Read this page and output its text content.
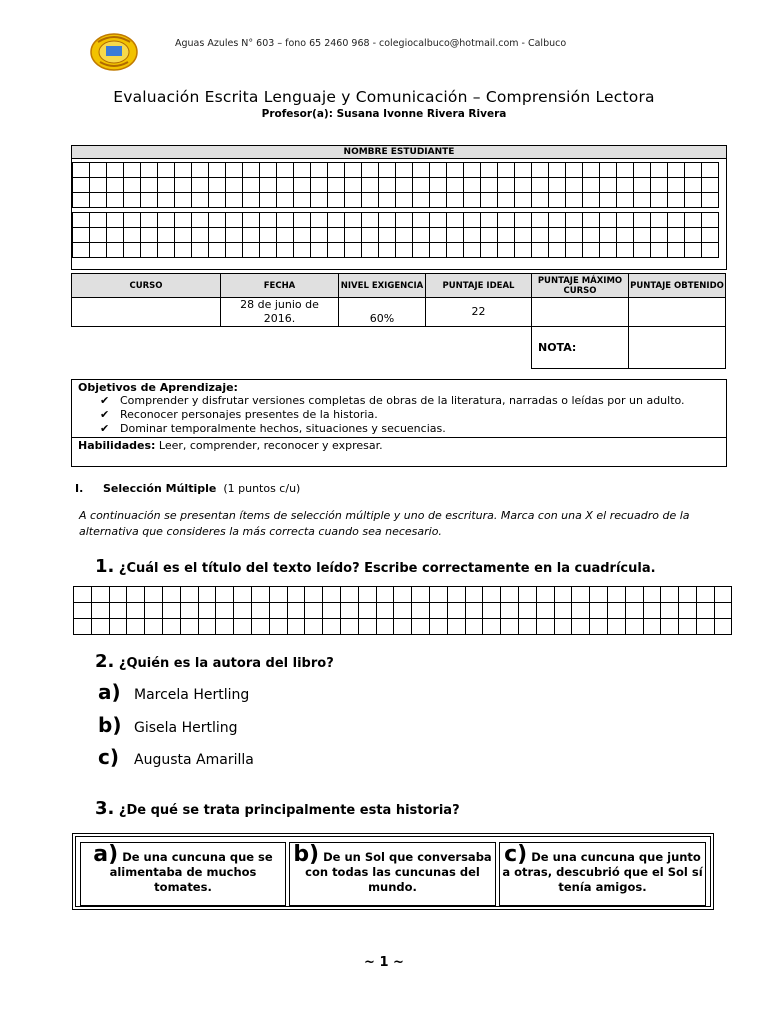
Aguas Azules N° 603 – fono 65 2460 968 - colegiocalbuco@hotmail.com - Calbuco
Evaluación Escrita Lenguaje y Comunicación – Comprensión Lectora
Profesor(a): Susana Ivonne Rivera Rivera
NOMBRE ESTUDIANTE

CURSO	FECHA	NIVEL EXIGENCIA	PUNTAJE IDEAL	PUNTAJE MÁXIMO CURSO	PUNTAJE OBTENIDO
	28 de junio de 2016.	60%	22		
				NOTA:	
Objetivos de Aprendizaje:
✔ Comprender y disfrutar versiones completas de obras de la literatura, narradas o leídas por un adulto.
✔ Reconocer personajes presentes de la historia.
✔ Dominar temporalmente hechos, situaciones y secuencias.
Habilidades: Leer, comprender, reconocer y expresar.
I. Selección Múltiple (1 puntos c/u)
A continuación se presentan ítems de selección múltiple y uno de escritura. Marca con una X el recuadro de la alternativa que consideres la más correcta cuando sea necesario.
1. ¿Cuál es el título del texto leído? Escribe correctamente en la cuadrícula.

2. ¿Quién es la autora del libro?
a) Marcela Hertling
b) Gisela Hertling
c) Augusta Amarilla
3. ¿De qué se trata principalmente esta historia?
a) De una cuncuna que se alimentaba de muchos tomates.
b) De un Sol que conversaba con todas las cuncunas del mundo.
c) De una cuncuna que junto a otras, descubrió que el Sol sí tenía amigos.
~ 1 ~
